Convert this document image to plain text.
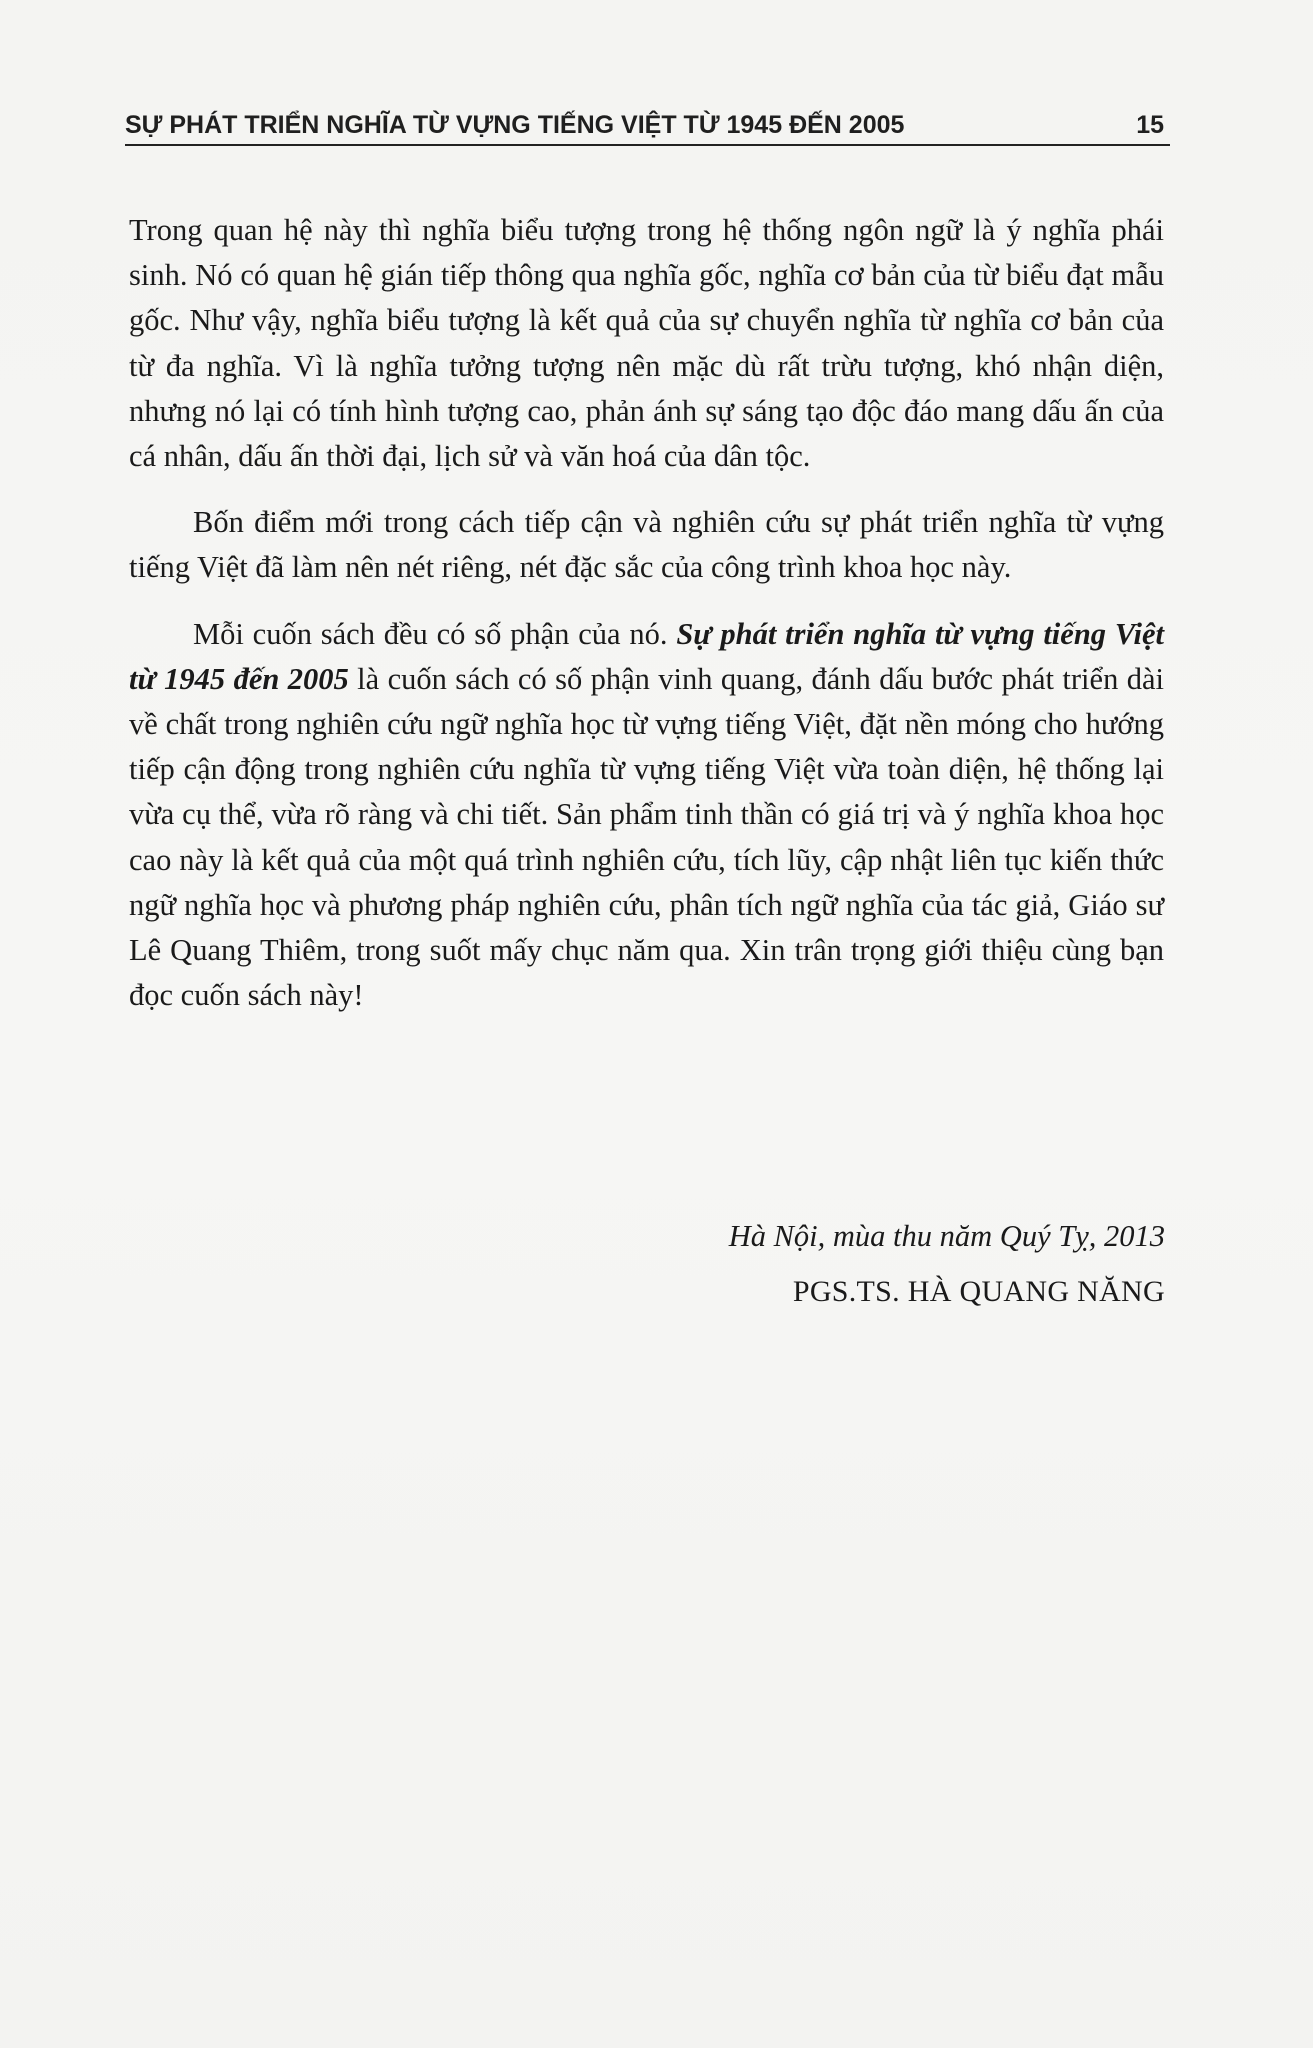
SỰ PHÁT TRIỂN NGHĨA TỪ VỰNG TIẾNG VIỆT TỪ 1945 ĐẾN 2005	15

Trong quan hệ này thì nghĩa biểu tượng trong hệ thống ngôn ngữ là ý nghĩa phái sinh. Nó có quan hệ gián tiếp thông qua nghĩa gốc, nghĩa cơ bản của từ biểu đạt mẫu gốc. Như vậy, nghĩa biểu tượng là kết quả của sự chuyển nghĩa từ nghĩa cơ bản của từ đa nghĩa. Vì là nghĩa tưởng tượng nên mặc dù rất trừu tượng, khó nhận diện, nhưng nó lại có tính hình tượng cao, phản ánh sự sáng tạo độc đáo mang dấu ấn của cá nhân, dấu ấn thời đại, lịch sử và văn hoá của dân tộc.

Bốn điểm mới trong cách tiếp cận và nghiên cứu sự phát triển nghĩa từ vựng tiếng Việt đã làm nên nét riêng, nét đặc sắc của công trình khoa học này.

Mỗi cuốn sách đều có số phận của nó. Sự phát triển nghĩa từ vựng tiếng Việt từ 1945 đến 2005 là cuốn sách có số phận vinh quang, đánh dấu bước phát triển dài về chất trong nghiên cứu ngữ nghĩa học từ vựng tiếng Việt, đặt nền móng cho hướng tiếp cận động trong nghiên cứu nghĩa từ vựng tiếng Việt vừa toàn diện, hệ thống lại vừa cụ thể, vừa rõ ràng và chi tiết. Sản phẩm tinh thần có giá trị và ý nghĩa khoa học cao này là kết quả của một quá trình nghiên cứu, tích lũy, cập nhật liên tục kiến thức ngữ nghĩa học và phương pháp nghiên cứu, phân tích ngữ nghĩa của tác giả, Giáo sư Lê Quang Thiêm, trong suốt mấy chục năm qua. Xin trân trọng giới thiệu cùng bạn đọc cuốn sách này!

Hà Nội, mùa thu năm Quý Tỵ, 2013
PGS.TS. HÀ QUANG NĂNG
